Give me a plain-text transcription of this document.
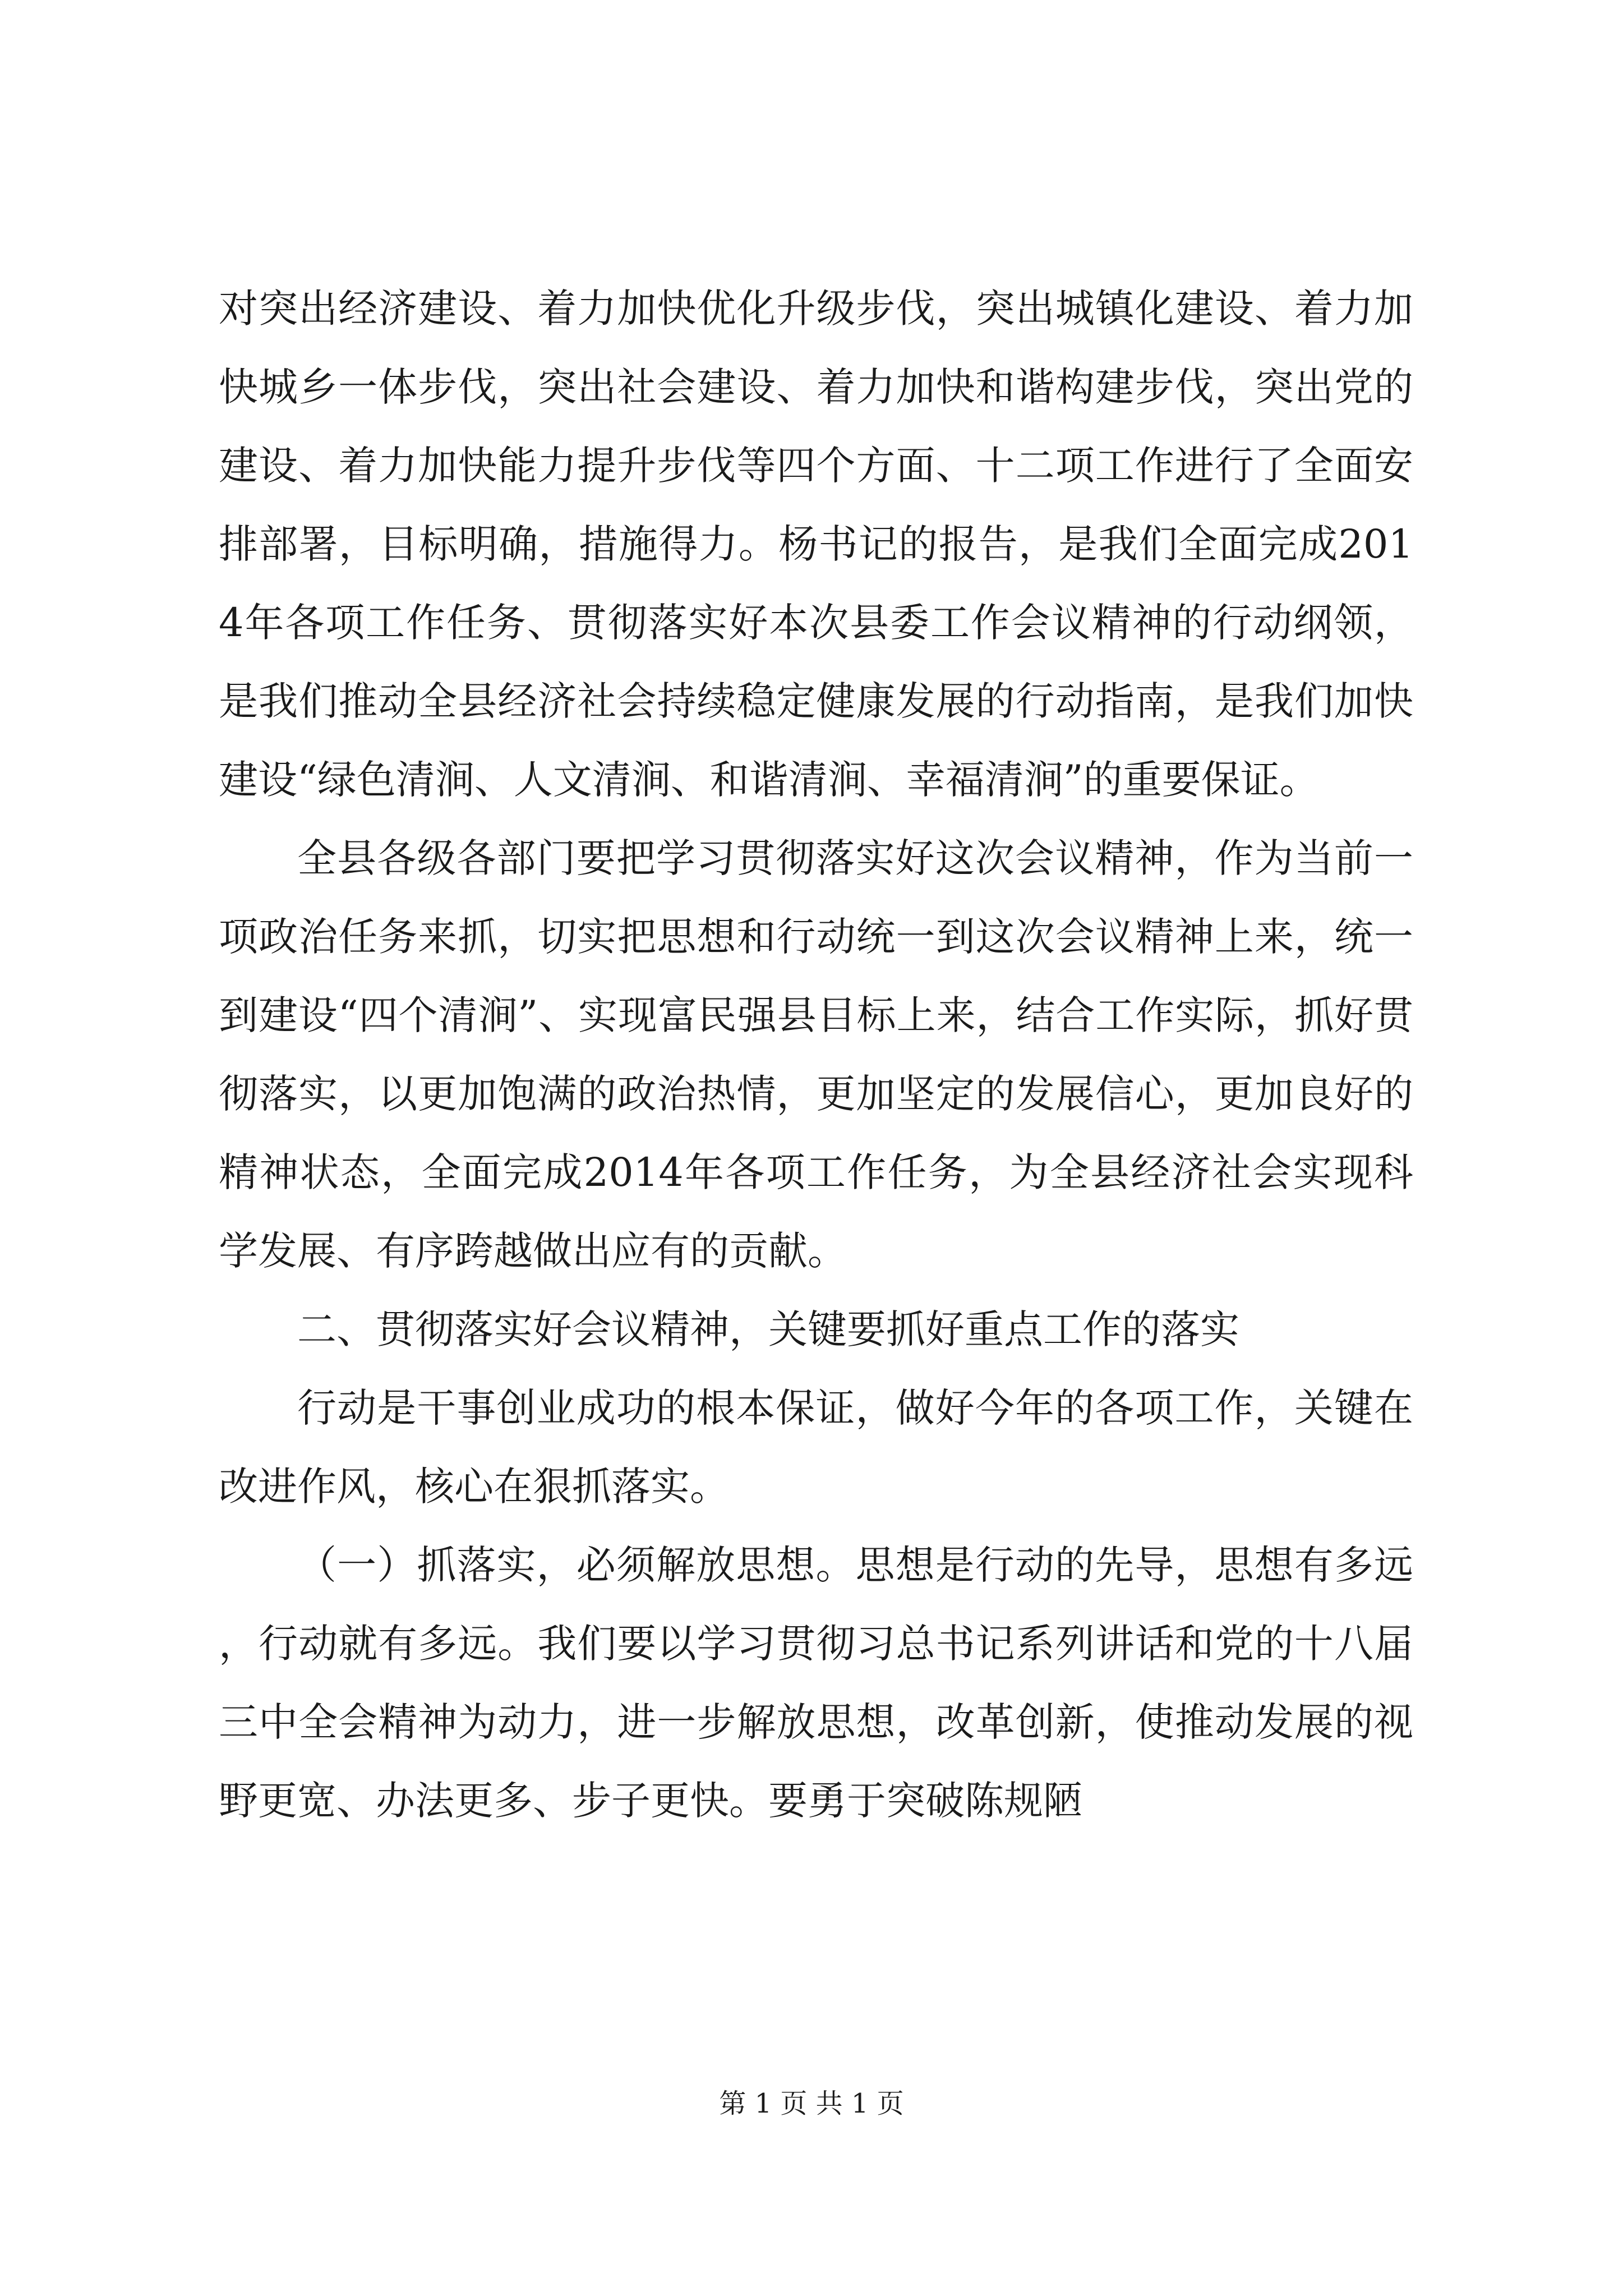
对突出经济建设、着力加快优化升级步伐，突出城镇化建设、着力加快城乡一体步伐，突出社会建设、着力加快和谐构建步伐，突出党的建设、着力加快能力提升步伐等四个方面、十二项工作进行了全面安排部署，目标明确，措施得力。杨书记的报告，是我们全面完成2014年各项工作任务、贯彻落实好本次县委工作会议精神的行动纲领，是我们推动全县经济社会持续稳定健康发展的行动指南，是我们加快建设“绿色清涧、人文清涧、和谐清涧、幸福清涧”的重要保证。

全县各级各部门要把学习贯彻落实好这次会议精神，作为当前一项政治任务来抓，切实把思想和行动统一到这次会议精神上来，统一到建设“四个清涧”、实现富民强县目标上来，结合工作实际，抓好贯彻落实，以更加饱满的政治热情，更加坚定的发展信心，更加良好的精神状态，全面完成2014年各项工作任务，为全县经济社会实现科学发展、有序跨越做出应有的贡献。

二、贯彻落实好会议精神，关键要抓好重点工作的落实

行动是干事创业成功的根本保证，做好今年的各项工作，关键在改进作风，核心在狠抓落实。

（一）抓落实，必须解放思想。思想是行动的先导，思想有多远，行动就有多远。我们要以学习贯彻习总书记系列讲话和党的十八届三中全会精神为动力，进一步解放思想，改革创新，使推动发展的视野更宽、办法更多、步子更快。要勇于突破陈规陋

第 1 页 共 1 页
